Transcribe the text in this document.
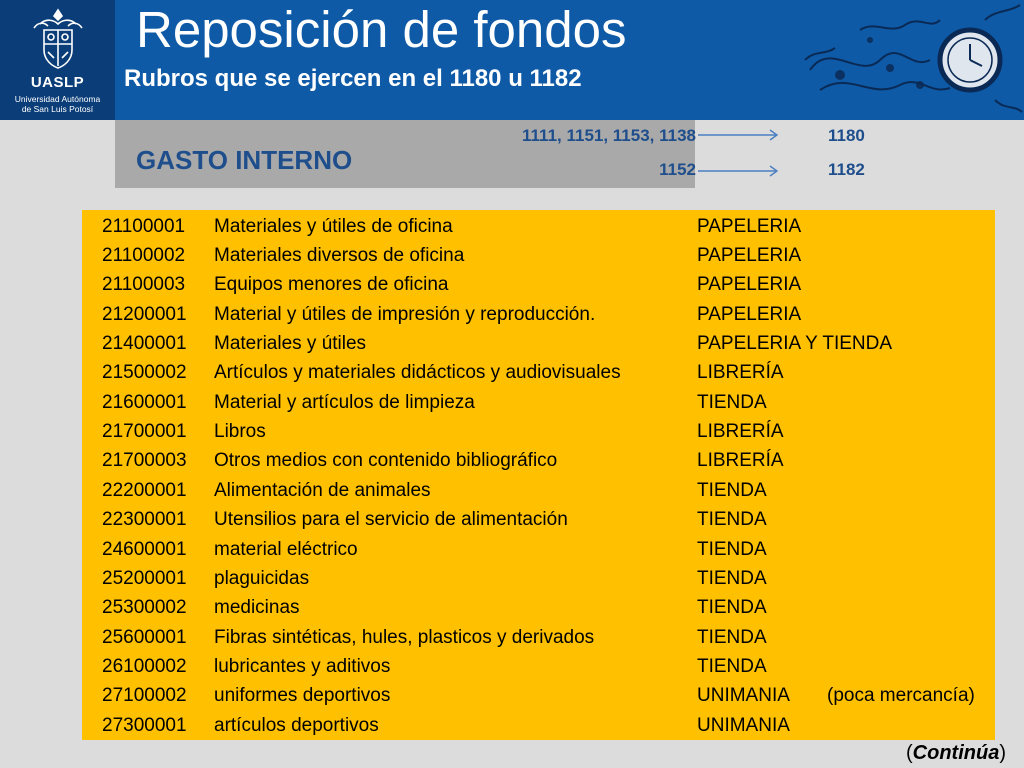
UASLP
Universidad Autónoma
de San Luis Potosí
Reposición de fondos
Rubros que se ejercen en el 1180 u 1182
GASTO INTERNO
1111, 1151, 1153, 1138
1152
1180
1182
21100001 Materiales y útiles de oficina	PAPELERIA
21100002 Materiales diversos de oficina	PAPELERIA
21100003 Equipos menores de oficina	PAPELERIA
21200001 Material y útiles de impresión y reproducción.	PAPELERIA
21400001 Materiales y útiles	PAPELERIA Y TIENDA
21500002 Artículos y materiales didácticos y audiovisuales	LIBRERÍA
21600001 Material y artículos de limpieza	TIENDA
21700001 Libros	LIBRERÍA
21700003 Otros medios con contenido bibliográfico	LIBRERÍA
22200001 Alimentación de animales	TIENDA
22300001 Utensilios para el servicio de alimentación	TIENDA
24600001 material eléctrico	TIENDA
25200001 plaguicidas	TIENDA
25300002 medicinas	TIENDA
25600001 Fibras sintéticas, hules, plasticos y derivados	TIENDA
26100002 lubricantes y aditivos	TIENDA
27100002 uniformes deportivos	UNIMANIA (poca mercancía)
27300001 artículos deportivos	UNIMANIA
(Continúa)
